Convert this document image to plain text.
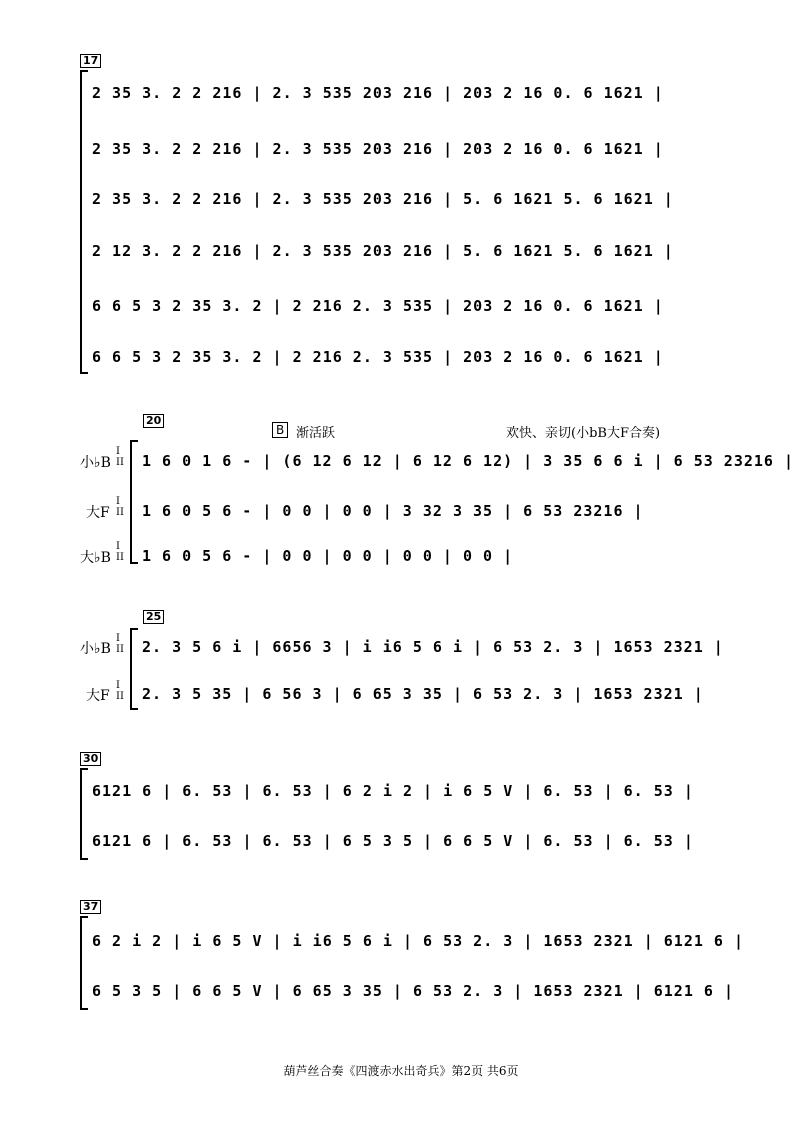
17
2 35 3. 2 2 216 | 2. 3 535 203 216 | 203 2 16 0. 6 1621 |
2 35 3. 2 2 216 | 2. 3 535 203 216 | 203 2 16 0. 6 1621 |
2 35 3. 2 2 216 | 2. 3 535 203 216 | 5. 6 1621 5. 6 1621 |
2 12 3. 2 2 216 | 2. 3 535 203 216 | 5. 6 1621 5. 6 1621 |
6 6 5 3 2 35 3. 2 | 2 216 2. 3 535 | 203 2 16 0. 6 1621 |
6 6 5 3 2 35 3. 2 | 2 216 2. 3 535 | 203 2 16 0. 6 1621 |
20
B 渐活跃	欢快、亲切(小bB大F合奏)
小♭B
I
II 1 6 0 1 6 - | (6 12 6 12 | 6 12 6 12) | 3 35 6 6 i | 6 53 23216 |
大F
I
II 1 6 0 5 6 - | 0 0 | 0 0 | 3 32 3 35 | 6 53 23216 |
大♭B
I
II 1 6 0 5 6 - | 0 0 | 0 0 | 0 0 | 0 0 |
25
小♭B
I
II 2. 3 5 6 i | 6656 3 | i i6 5 6 i | 6 53 2. 3 | 1653 2321 |
大F
I
II 2. 3 5 35 | 6 56 3 | 6 65 3 35 | 6 53 2. 3 | 1653 2321 |
30
6121 6 | 6. 53 | 6. 53 | 6 2 i 2 | i 6 5 V | 6. 53 | 6. 53 |
6121 6 | 6. 53 | 6. 53 | 6 5 3 5 | 6 6 5 V | 6. 53 | 6. 53 |
37
6 2 i 2 | i 6 5 V | i i6 5 6 i | 6 53 2. 3 | 1653 2321 | 6121 6 |
6 5 3 5 | 6 6 5 V | 6 65 3 35 | 6 53 2. 3 | 1653 2321 | 6121 6 |
葫芦丝合奏《四渡赤水出奇兵》第2页 共6页
